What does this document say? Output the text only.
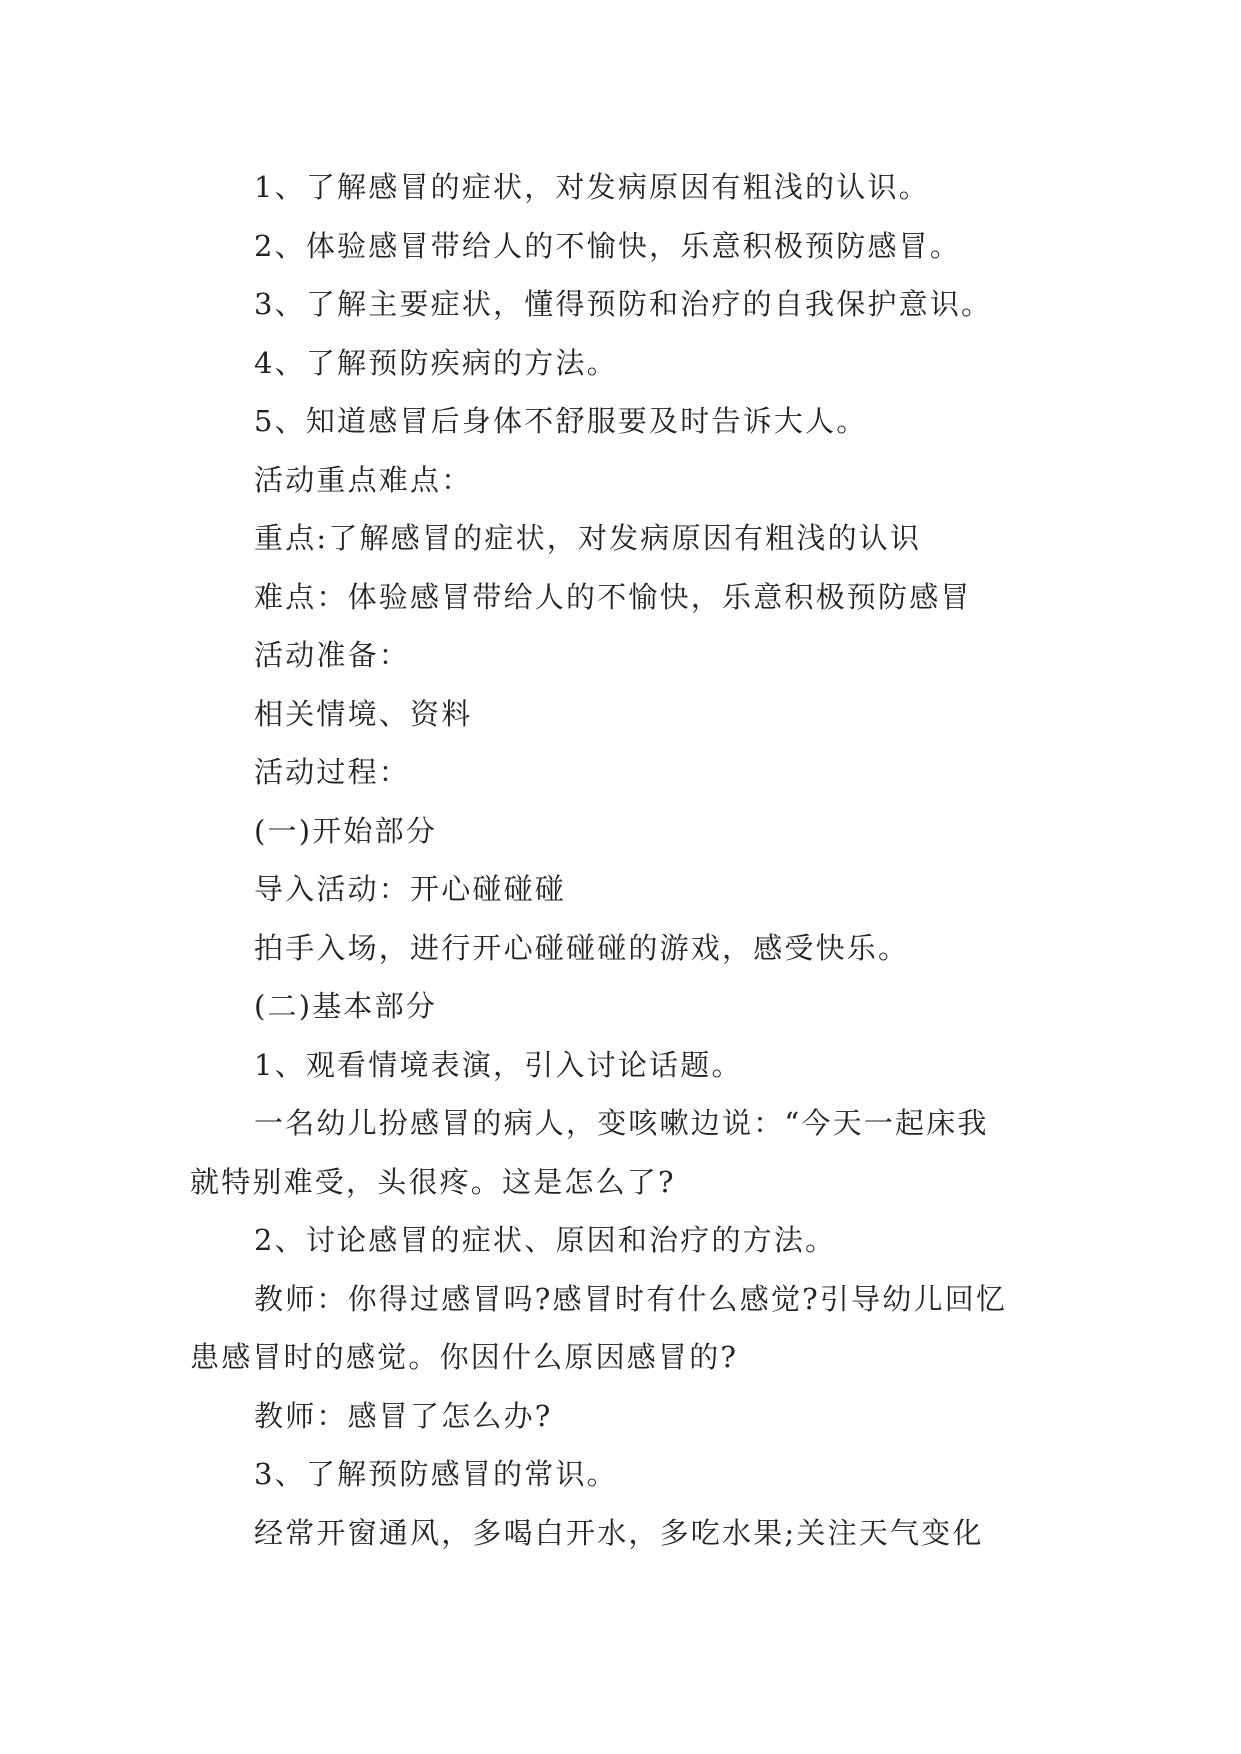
1、了解感冒的症状，对发病原因有粗浅的认识。
2、体验感冒带给人的不愉快，乐意积极预防感冒。
3、了解主要症状，懂得预防和治疗的自我保护意识。
4、了解预防疾病的方法。
5、知道感冒后身体不舒服要及时告诉大人。
活动重点难点：
重点:了解感冒的症状，对发病原因有粗浅的认识
难点：体验感冒带给人的不愉快，乐意积极预防感冒
活动准备：
相关情境、资料
活动过程：
(一)开始部分
导入活动：开心碰碰碰
拍手入场，进行开心碰碰碰的游戏，感受快乐。
(二)基本部分
1、观看情境表演，引入讨论话题。
一名幼儿扮感冒的病人，变咳嗽边说：“今天一起床我
就特别难受，头很疼。这是怎么了?
2、讨论感冒的症状、原因和治疗的方法。
教师：你得过感冒吗?感冒时有什么感觉?引导幼儿回忆
患感冒时的感觉。你因什么原因感冒的?
教师：感冒了怎么办?
3、了解预防感冒的常识。
经常开窗通风，多喝白开水，多吃水果;关注天气变化
